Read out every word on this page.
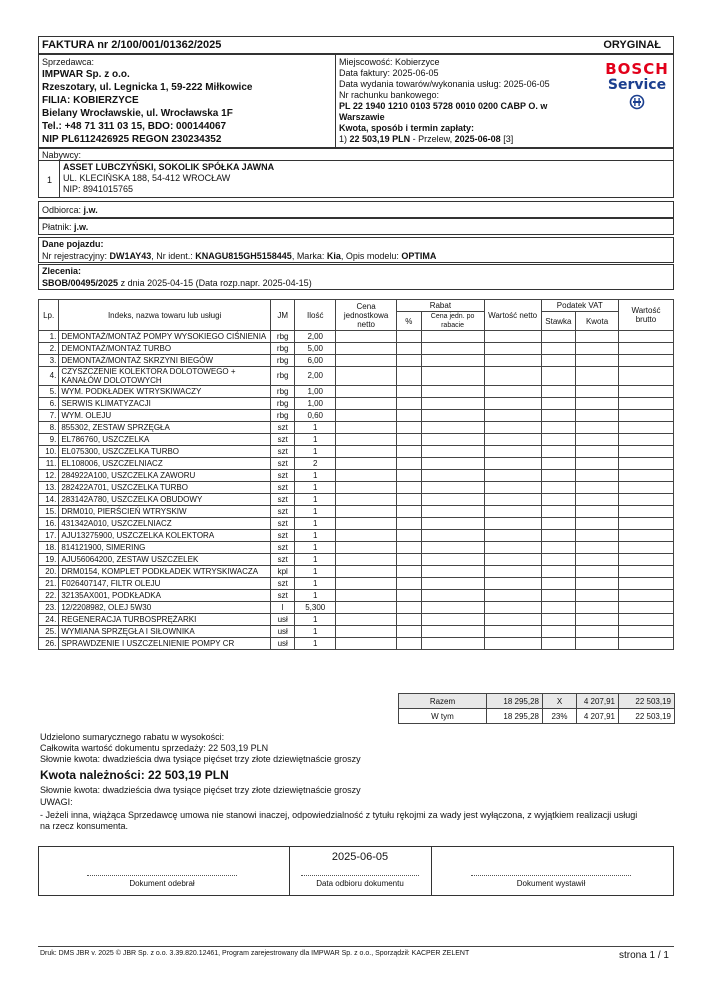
FAKTURA nr 2/100/001/01362/2025	ORYGINAŁ
Sprzedawca:
IMPWAR Sp. z o.o.
Rzeszotary, ul. Legnicka 1, 59-222 Miłkowice
FILIA: KOBIERZYCE
Bielany Wrocławskie, ul. Wrocławska 1F
Tel.: +48 71 311 03 15, BDO: 000144067
NIP PL6112426925 REGON 230234352
Miejscowość: Kobierzyce
Data faktury: 2025-06-05
Data wydania towarów/wykonania usług: 2025-06-05
Nr rachunku bankowego:
PL 22 1940 1210 0103 5728 0010 0200 CABP O. w
Warszawie
Kwota, sposób i termin zapłaty:
1) 22 503,19 PLN - Przelew, 2025-06-08 [3]
BOSCH
Service
Nabywcy:
1
ASSET LUBCZYŃSKI, SOKOLIK SPÓŁKA JAWNA
UL. KLECIŃSKA 188, 54-412 WROCŁAW
NIP: 8941015765
Odbiorca: j.w.
Płatnik: j.w.
Dane pojazdu:
Nr rejestracyjny: DW1AY43, Nr ident.: KNAGU815GH5158445, Marka: Kia, Opis modelu: OPTIMA
Zlecenia:
SBOB/00495/2025 z dnia 2025-04-15 (Data rozp.napr. 2025-04-15)
Lp.	Indeks, nazwa towaru lub usługi	JM	Ilość	Cena jednostkowa netto	Rabat		Wartość netto	Podatek VAT		Wartość brutto
					%	Cena jedn. po rabacie		Stawka	Kwota	
1.	DEMONTAŻ/MONTAŻ POMPY WYSOKIEGO CIŚNIENIA	rbg	2,00							
2.	DEMONTAŻ/MONTAŻ TURBO	rbg	5,00							
3.	DEMONTAŻ/MONTAŻ SKRZYNI BIEGÓW	rbg	6,00							
4.	CZYSZCZENIE KOLEKTORA DOLOTOWEGO + KANAŁÓW DOLOTOWYCH	rbg	2,00							
5.	WYM. PODKŁADEK WTRYSKIWACZY	rbg	1,00							
6.	SERWIS KLIMATYZACJI	rbg	1,00							
7.	WYM. OLEJU	rbg	0,60							
8.	855302, ZESTAW SPRZĘGŁA	szt	1							
9.	EL786760, USZCZELKA	szt	1							
10.	EL075300, USZCZELKA TURBO	szt	1							
11.	EL108006, USZCZELNIACZ	szt	2							
12.	284922A100, USZCZELKA ZAWORU	szt	1							
13.	282422A701, USZCZELKA TURBO	szt	1							
14.	283142A780, USZCZELKA OBUDOWY	szt	1							
15.	DRM010, PIERŚCIEŃ WTRYSKIW	szt	1							
16.	431342A010, USZCZELNIACZ	szt	1							
17.	AJU13275900, USZCZELKA KOLEKTORA	szt	1							
18.	814121900, SIMERING	szt	1							
19.	AJU56064200, ZESTAW USZCZELEK	szt	1							
20.	DRM0154, KOMPLET PODKŁADEK WTRYSKIWACZA	kpl	1							
21.	F026407147, FILTR OLEJU	szt	1							
22.	32135AX001, PODKŁADKA	szt	1							
23.	12/2208982, OLEJ 5W30	l	5,300							
24.	REGENERACJA TURBOSPRĘŻARKI	usł	1							
25.	WYMIANA SPRZĘGŁA I SIŁOWNIKA	usł	1							
26.	SPRAWDZENIE I USZCZELNIENIE POMPY CR	usł	1							
Razem	18 295,28	X	4 207,91	22 503,19
W tym	18 295,28	23%	4 207,91	22 503,19
Udzielono sumarycznego rabatu w wysokości:
Całkowita wartość dokumentu sprzedaży: 22 503,19 PLN
Słownie kwota: dwadzieścia dwa tysiące pięćset trzy złote dziewiętnaście groszy
Kwota należności: 22 503,19 PLN
Słownie kwota: dwadzieścia dwa tysiące pięćset trzy złote dziewiętnaście groszy
UWAGI:
- Jeżeli inna, wiążąca Sprzedawcę umowa nie stanowi inaczej, odpowiedzialność z tytułu rękojmi za wady jest wyłączona, z wyjątkiem realizacji usługi
na rzecz konsumenta.
Dokument odebrał
2025-06-05
Data odbioru dokumentu	Dokument wystawił
Druk: DMS JBR v. 2025 © JBR Sp. z o.o. 3.39.820.12461, Program zarejestrowany dla IMPWAR Sp. z o.o., Sporządził: KACPER ZELENT	strona 1 / 1
